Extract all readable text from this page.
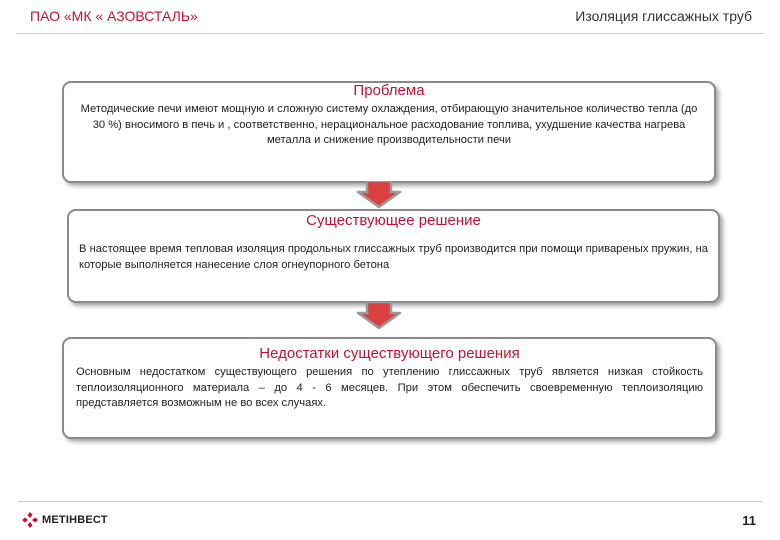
ПАО «МК « АЗОВСТАЛЬ»	Изоляция глиссажных труб
Проблема
Методические печи имеют мощную и сложную систему охлаждения, отбирающую значительное количество тепла (до 30 %) вносимого в печь и , соответственно, нерациональное расходование топлива, ухудшение качества нагрева металла и снижение производительности печи
Существующее решение
В настоящее время тепловая изоляция продольных глиссажных труб производится при помощи привареных пружин, на которые выполняется нанесение слоя огнеупорного бетона
Недостатки существующего решения
Основным недостатком существующего решения по утеплению глиссажных труб является низкая стойкость теплоизоляционного материала – до 4 - 6 месяцев. При этом обеспечить своевременную теплоизоляцию представляется возможным не во всех случаях.
МЕТІНВЕСТ	11
